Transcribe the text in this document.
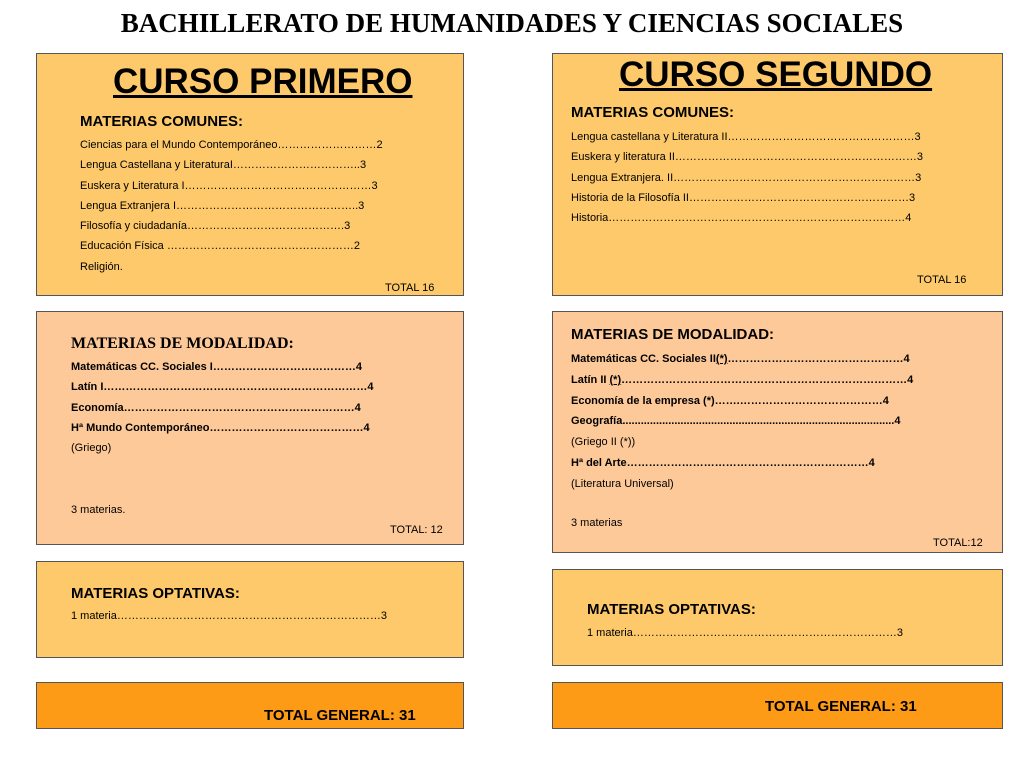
BACHILLERATO DE HUMANIDADES Y CIENCIAS SOCIALES
CURSO PRIMERO
MATERIAS COMUNES:
Ciencias para el Mundo Contemporáneo………………………2
Lengua Castellana y LiteraturaI……………………………..3
Euskera y Literatura I……………………………………………3
Lengua Extranjera I…………………………………………..3
Filosofía y ciudadanía…………………………………….3
Educación Física ……………………………………………2
Religión.
TOTAL 16
MATERIAS DE MODALIDAD:
Matemáticas CC. Sociales I…………………………………4
Latín I………………………………………………………………4
Economía………………………………………………………4
Hª Mundo Contemporáneo……………………………………4
(Griego)
3 materias.
TOTAL: 12
MATERIAS OPTATIVAS:
1 materia………………………………………………………………3
TOTAL GENERAL: 31
CURSO SEGUNDO
MATERIAS COMUNES:
Lengua castellana y Literatura II……………………………………………3
Euskera y literatura II…………………………………………………………3
Lengua Extranjera. II…………………………………………………………3
Historia de la Filosofía II……………………………………………………3
Historia………………………………………………………………………4
TOTAL 16
MATERIAS DE MODALIDAD:
Matemáticas CC. Sociales II(*)…………………………………………4
Latín II (*)……………………………………………………………………4
Economía de la empresa (*)…….…………………………………4
Geografía.........................................................................................4
(Griego II (*))
Hª del Arte…………………………………………………………4
(Literatura Universal)
3 materias
TOTAL:12
MATERIAS OPTATIVAS:
1 materia………………………………………………………………3
TOTAL GENERAL: 31
